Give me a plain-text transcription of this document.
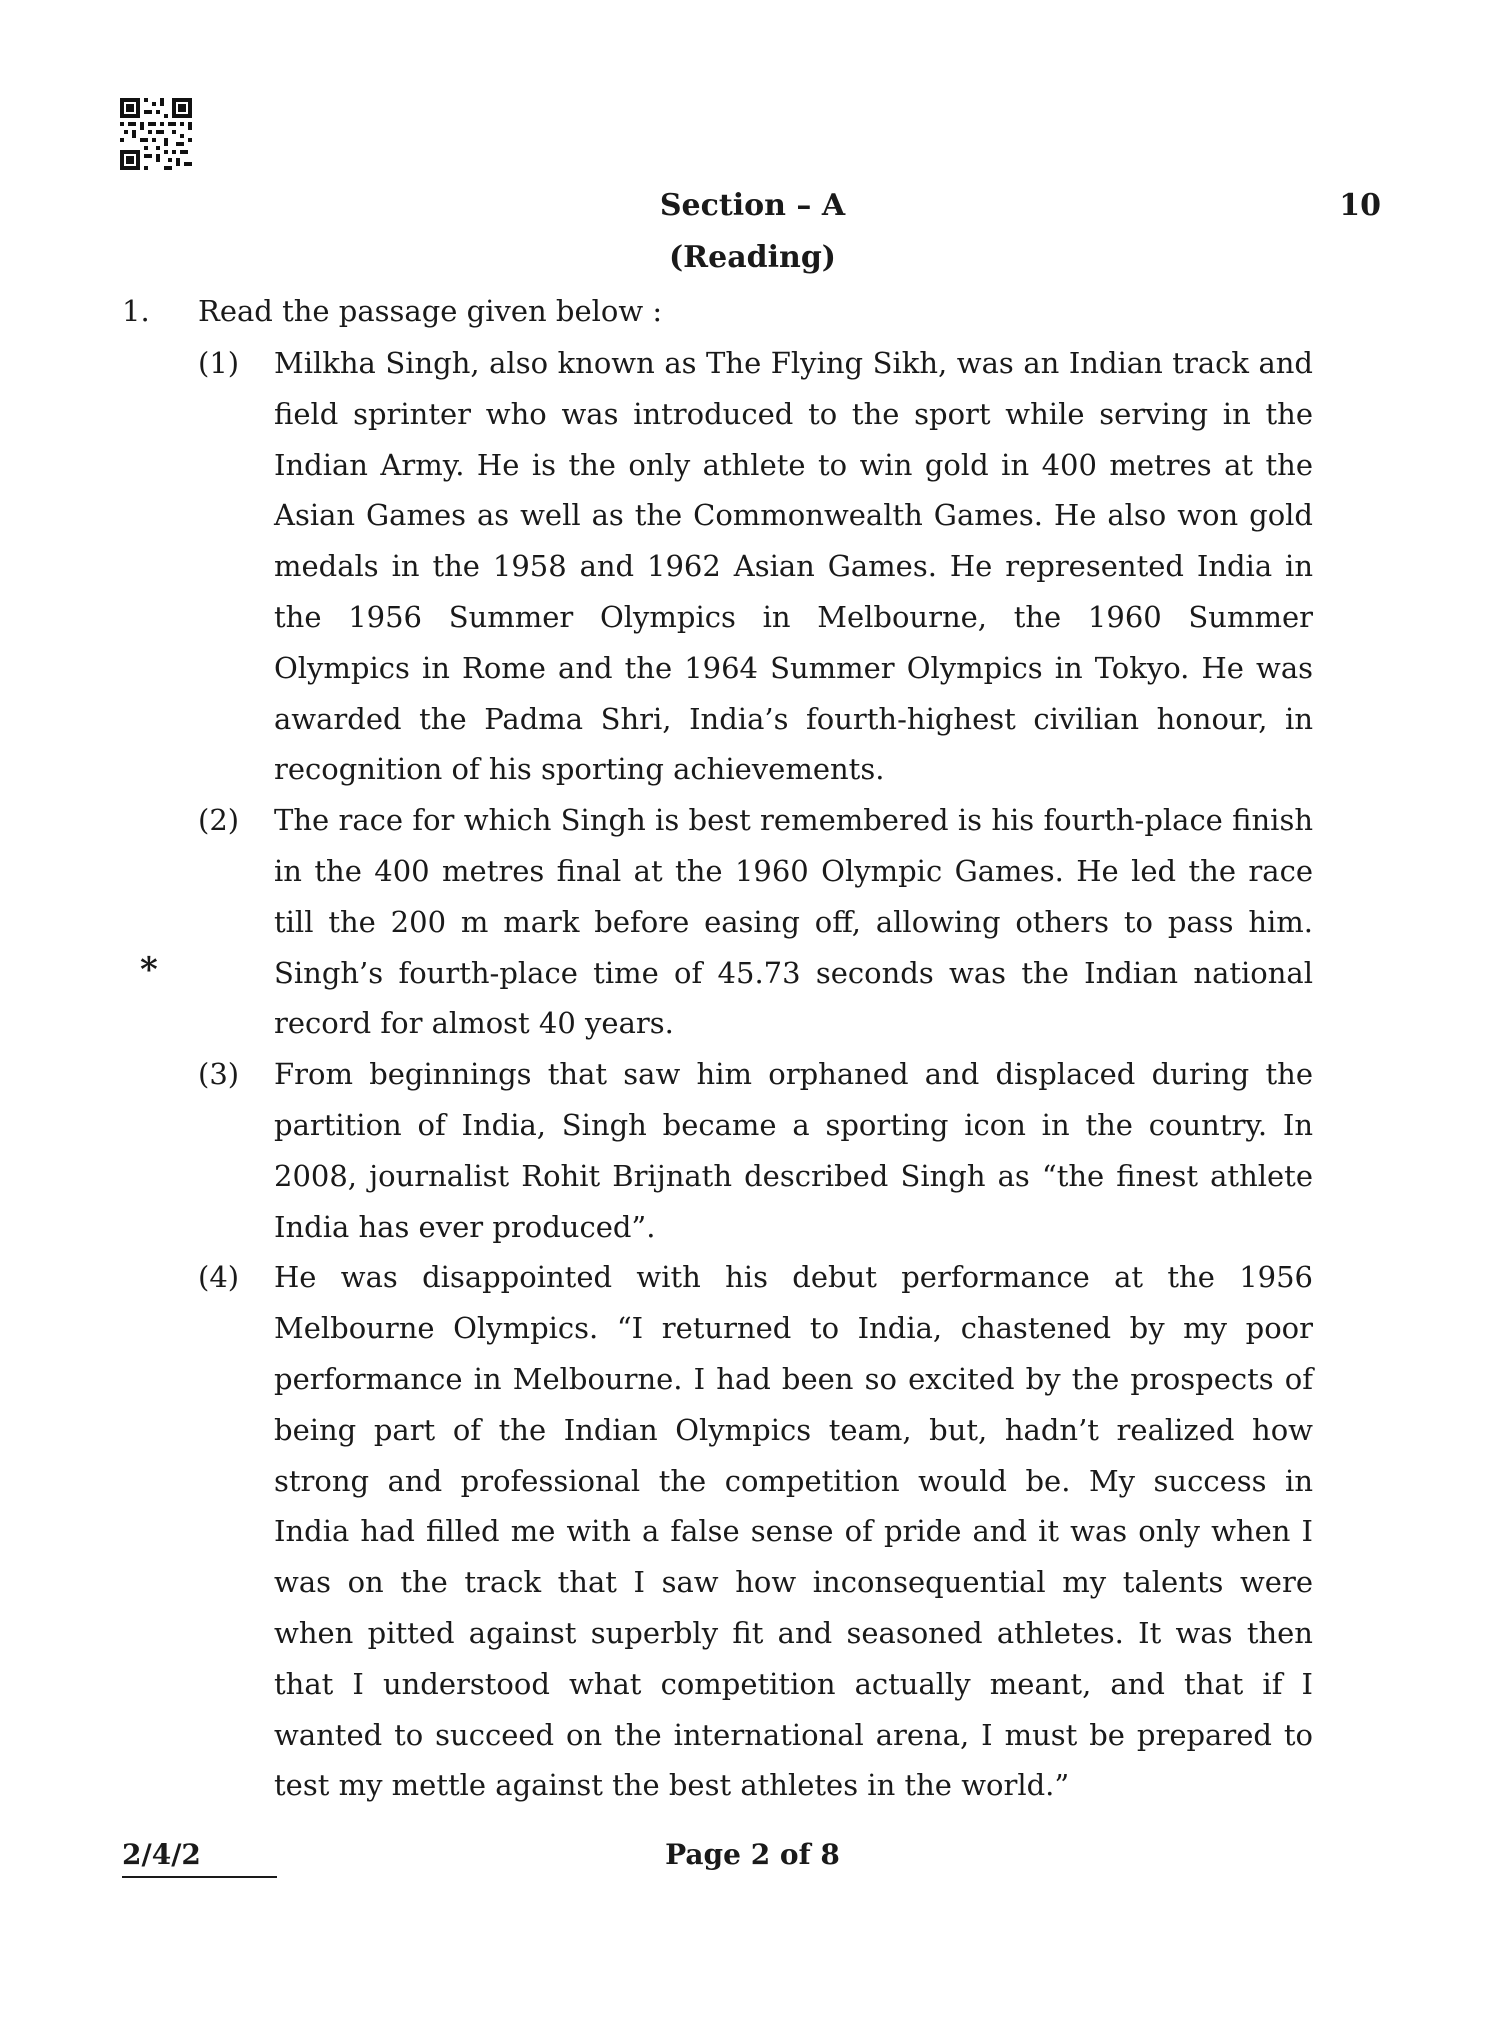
Section – A
(Reading)
10
1. Read the passage given below :
(1)	Milkha Singh, also known as The Flying Sikh, was an Indian track and field sprinter who was introduced to the sport while serving in the Indian Army. He is the only athlete to win gold in 400 metres at the Asian Games as well as the Commonwealth Games. He also won gold medals in the 1958 and 1962 Asian Games. He represented India in the 1956 Summer Olympics in Melbourne, the 1960 Summer Olympics in Rome and the 1964 Summer Olympics in Tokyo. He was awarded the Padma Shri, India’s fourth-highest civilian honour, in recognition of his sporting achievements.
(2)	The race for which Singh is best remembered is his fourth-place finish in the 400 metres final at the 1960 Olympic Games. He led the race till the 200 m mark before easing off, allowing others to pass him. Singh’s fourth-place time of 45.73 seconds was the Indian national record for almost 40 years.
(3)	From beginnings that saw him orphaned and displaced during the partition of India, Singh became a sporting icon in the country. In 2008, journalist Rohit Brijnath described Singh as “the finest athlete India has ever produced”.
(4)	He was disappointed with his debut performance at the 1956 Melbourne Olympics. “I returned to India, chastened by my poor performance in Melbourne. I had been so excited by the prospects of being part of the Indian Olympics team, but, hadn’t realized how strong and professional the competition would be. My success in India had filled me with a false sense of pride and it was only when I was on the track that I saw how inconsequential my talents were when pitted against superbly fit and seasoned athletes. It was then that I understood what competition actually meant, and that if I wanted to succeed on the international arena, I must be prepared to test my mettle against the best athletes in the world.”
*
2/4/2	Page 2 of 8
